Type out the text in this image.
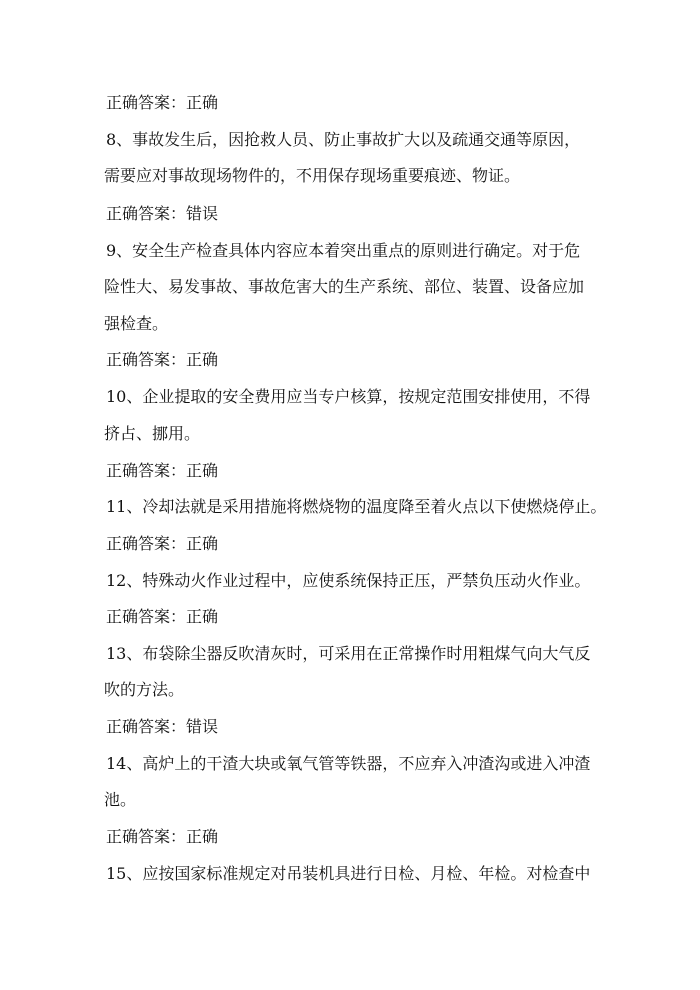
正确答案：正确
8、事故发生后，因抢救人员、防止事故扩大以及疏通交通等原因，
需要应对事故现场物件的，不用保存现场重要痕迹、物证。
正确答案：错误
9、安全生产检查具体内容应本着突出重点的原则进行确定。对于危
险性大、易发事故、事故危害大的生产系统、部位、装置、设备应加
强检查。
正确答案：正确
10、企业提取的安全费用应当专户核算，按规定范围安排使用，不得
挤占、挪用。
正确答案：正确
11、冷却法就是采用措施将燃烧物的温度降至着火点以下使燃烧停止。
正确答案：正确
12、特殊动火作业过程中，应使系统保持正压，严禁负压动火作业。
正确答案：正确
13、布袋除尘器反吹清灰时，可采用在正常操作时用粗煤气向大气反
吹的方法。
正确答案：错误
14、高炉上的干渣大块或氧气管等铁器，不应弃入冲渣沟或进入冲渣
池。
正确答案：正确
15、应按国家标准规定对吊装机具进行日检、月检、年检。对检查中
